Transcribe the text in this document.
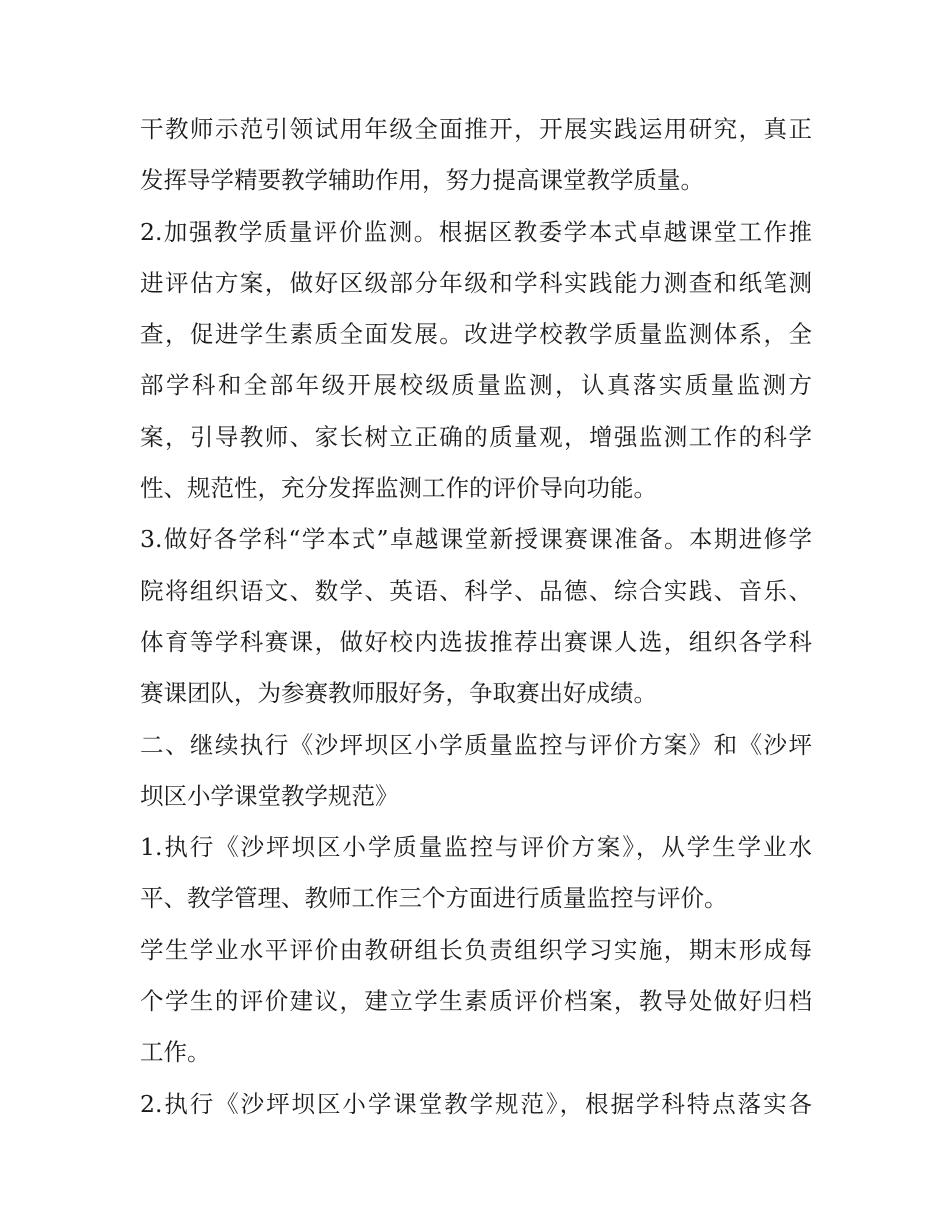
干教师示范引领试用年级全面推开，开展实践运用研究，真正
发挥导学精要教学辅助作用，努力提高课堂教学质量。
2.加强教学质量评价监测。根据区教委学本式卓越课堂工作推
进评估方案，做好区级部分年级和学科实践能力测查和纸笔测
查，促进学生素质全面发展。改进学校教学质量监测体系，全
部学科和全部年级开展校级质量监测，认真落实质量监测方
案，引导教师、家长树立正确的质量观，增强监测工作的科学
性、规范性，充分发挥监测工作的评价导向功能。
3.做好各学科“学本式”卓越课堂新授课赛课准备。本期进修学
院将组织语文、数学、英语、科学、品德、综合实践、音乐、
体育等学科赛课，做好校内选拔推荐出赛课人选，组织各学科
赛课团队，为参赛教师服好务，争取赛出好成绩。
二、继续执行《沙坪坝区小学质量监控与评价方案》和《沙坪
坝区小学课堂教学规范》
1.执行《沙坪坝区小学质量监控与评价方案》，从学生学业水
平、教学管理、教师工作三个方面进行质量监控与评价。
学生学业水平评价由教研组长负责组织学习实施，期末形成每
个学生的评价建议，建立学生素质评价档案，教导处做好归档
工作。
2.执行《沙坪坝区小学课堂教学规范》，根据学科特点落实各
